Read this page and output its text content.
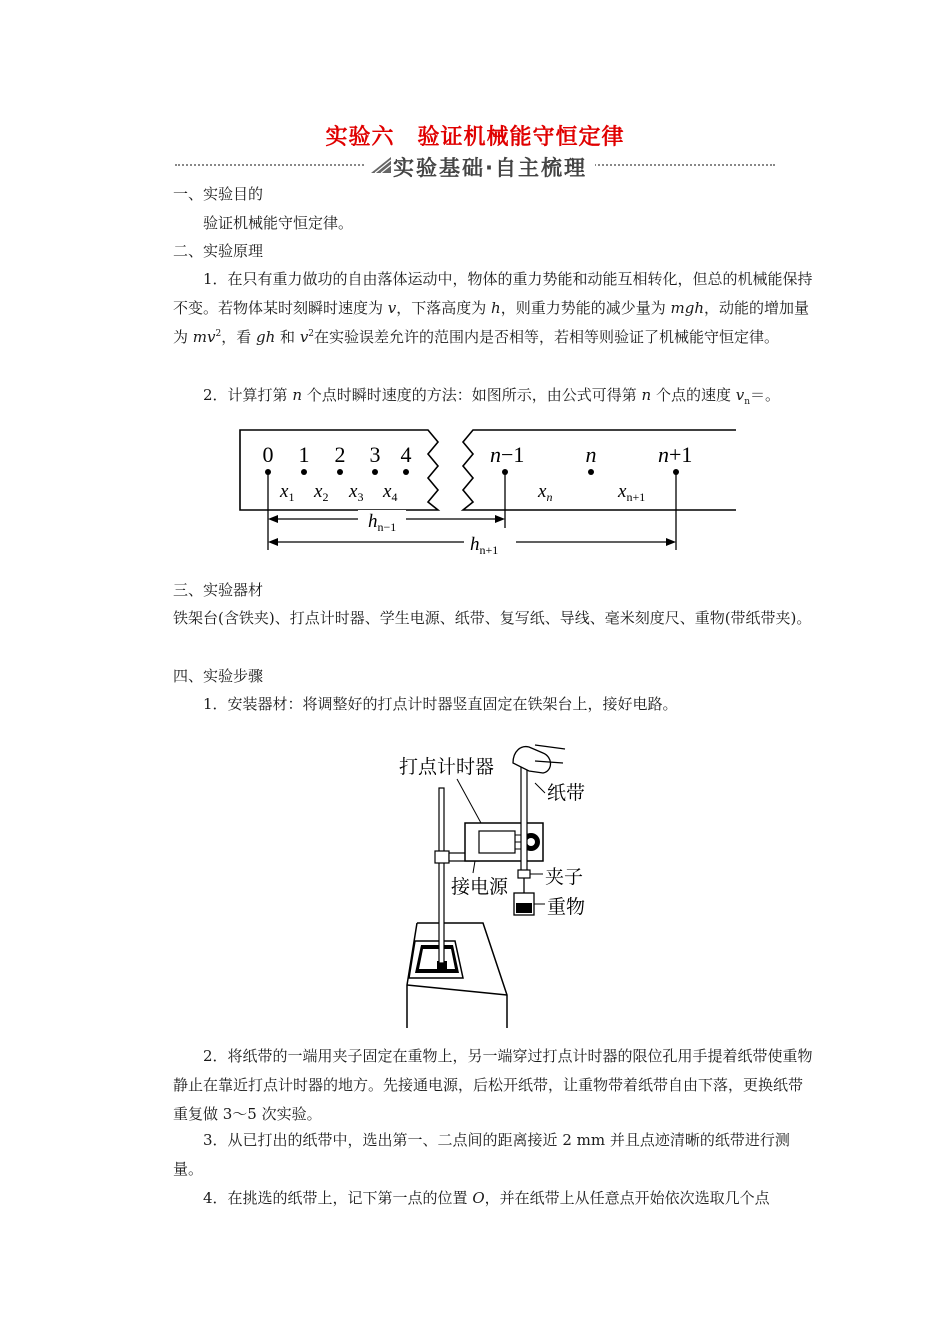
实验六　验证机械能守恒定律
实验基础·自主梳理

一、实验目的

验证机械能守恒定律。

二、实验原理

1．在只有重力做功的自由落体运动中，物体的重力势能和动能互相转化，但总的机械能保持不变。若物体某时刻瞬时速度为 v，下落高度为 h，则重力势能的减少量为 mgh，动能的增加量为 $mv^2$，看 gh 和 $v^2$在实验误差允许的范围内是否相等，若相等则验证了机械能守恒定律。

2．计算打第 n 个点时瞬时速度的方法：如图所示，由公式可得第 n 个点的速度 $v_n=$。

0 1 2 3 4
$x_1$ $x_2$ $x_3$ $x_4$
n−1	n	n+1
$x_n$	$x_{n+1}$
$h_{n-1}$
$h_{n+1}$

三、实验器材

铁架台(含铁夹)、打点计时器、学生电源、纸带、复写纸、导线、毫米刻度尺、重物(带纸带夹)。

四、实验步骤

1．安装器材：将调整好的打点计时器竖直固定在铁架台上，接好电路。

打点计时器
纸带
夹子
接电源
重物

2．将纸带的一端用夹子固定在重物上，另一端穿过打点计时器的限位孔用手提着纸带使重物静止在靠近打点计时器的地方。先接通电源，后松开纸带，让重物带着纸带自由下落，更换纸带重复做 3～5 次实验。

3．从已打出的纸带中，选出第一、二点间的距离接近 2 mm 并且点迹清晰的纸带进行测量。

4．在挑选的纸带上，记下第一点的位置 O，并在纸带上从任意点开始依次选取几个点
